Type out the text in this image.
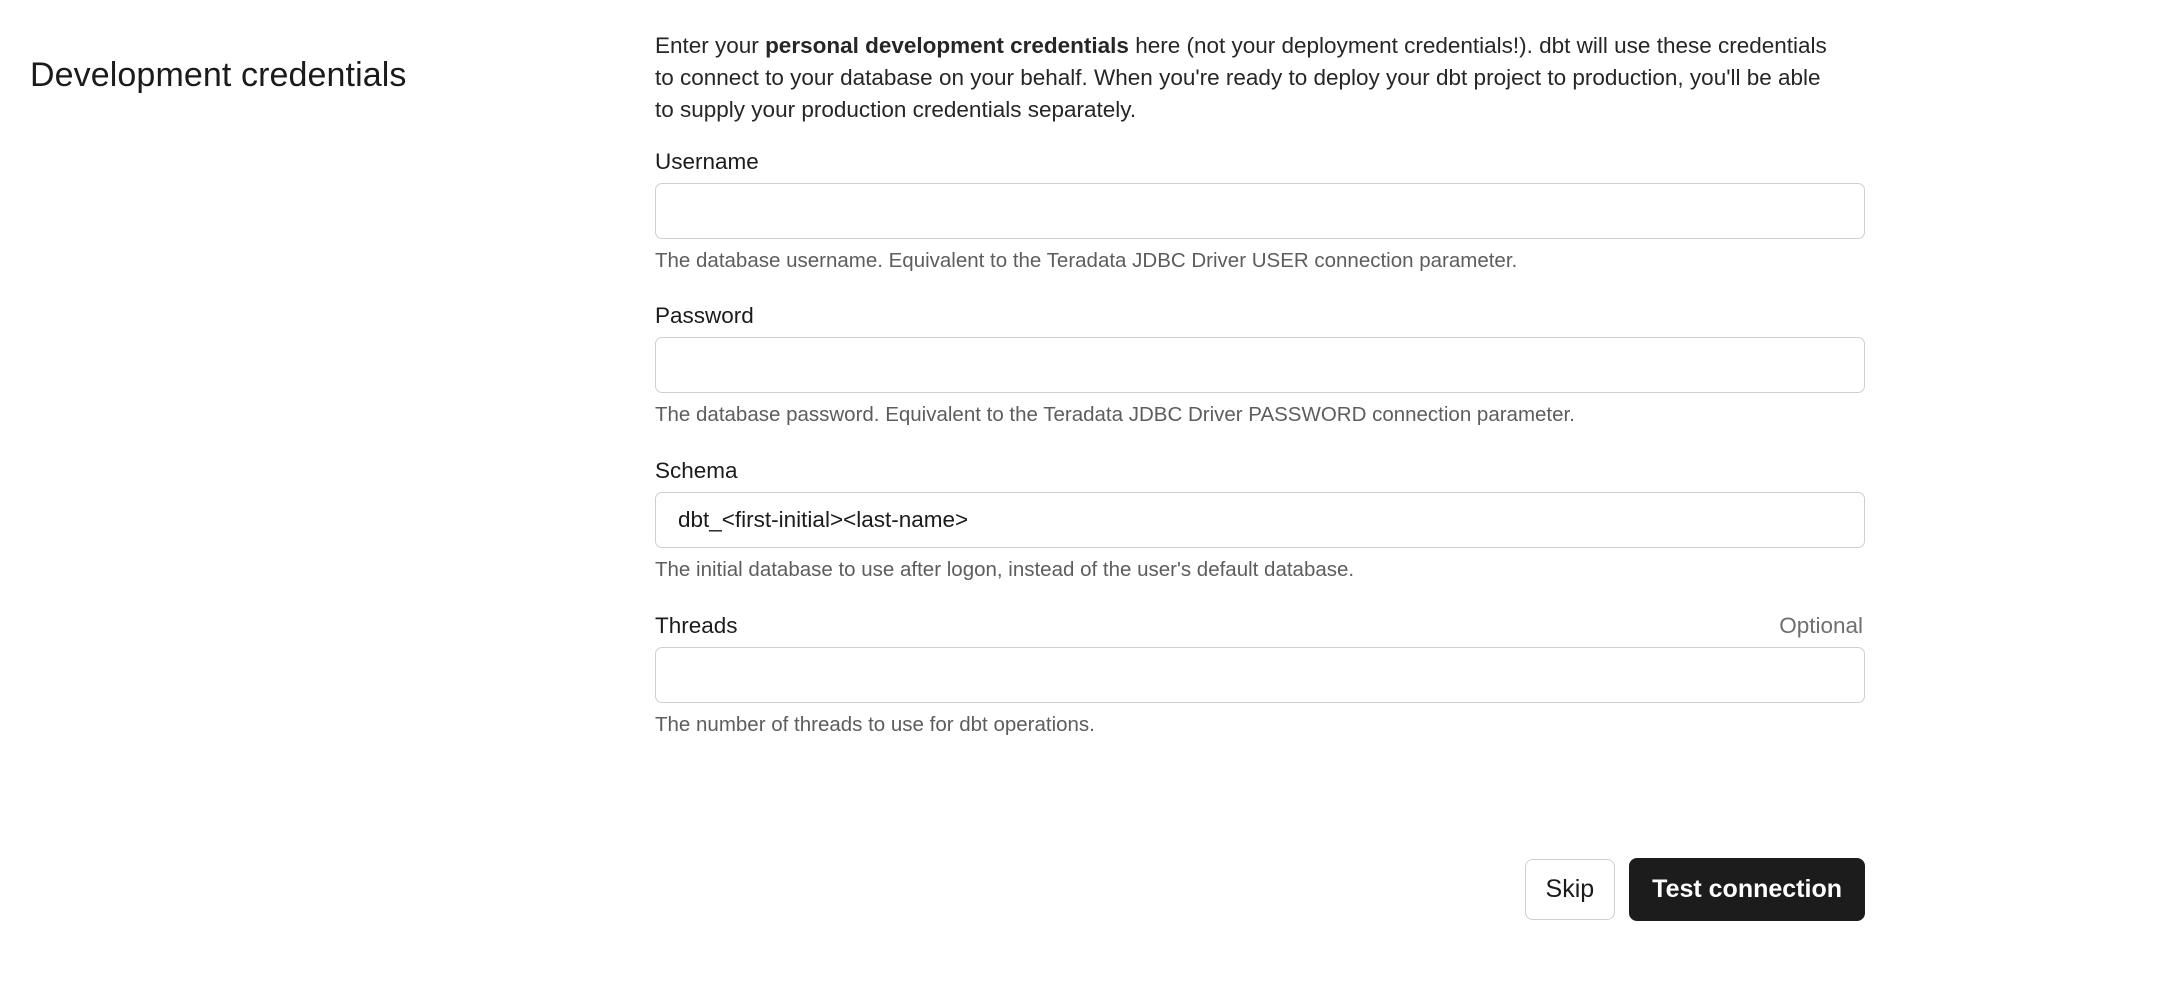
Development credentials

Enter your personal development credentials here (not your deployment credentials!). dbt will use these credentials to connect to your database on your behalf. When you're ready to deploy your dbt project to production, you'll be able to supply your production credentials separately.

Username

The database username. Equivalent to the Teradata JDBC Driver USER connection parameter.

Password

The database password. Equivalent to the Teradata JDBC Driver PASSWORD connection parameter.

Schema
dbt_<first-initial><last-name>

The initial database to use after logon, instead of the user's default database.

Threads	Optional

The number of threads to use for dbt operations.

Skip	Test connection
